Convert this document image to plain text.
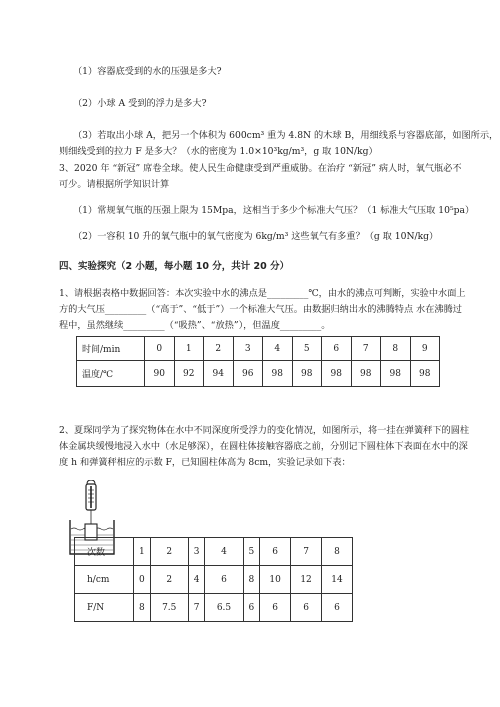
（1）容器底受到的水的压强是多大?
（2）小球 A 受到的浮力是多大?
（3）若取出小球 A，把另一个体积为 600cm³ 重为 4.8N 的木球 B，用细线系与容器底部，如图所示，
则细线受到的拉力 F 是多大？（水的密度为 1.0×10³kg/m³，g 取 10N/kg）
3、2020 年 “新冠” 席卷全球。使人民生命健康受到严重威胁。在治疗 “新冠” 病人时，氧气瓶必不
可少。请根据所学知识计算
（1）常规氧气瓶的压强上限为 15Mpa，这相当于多少个标准大气压？（1 标准大气压取 10⁵pa）
（2）一容积 10 升的氧气瓶中的氧气密度为 6kg/m³ 这些氧气有多重？（g 取 10N/kg）
四、实验探究（2 小题，每小题 10 分，共计 20 分）
1、请根据表格中数据回答：本次实验中水的沸点是_________℃，由水的沸点可判断，实验中水面上
方的大气压_________（“高于”、“低于”）一个标准大气压。由数据归纳出水的沸腾特点 水在沸腾过
程中，虽然继续_________（“吸热”、“放热”），但温度_________。
时间/min	0	1	2	3	4	5	6	7	8	9
温度/℃	90	92	94	96	98	98	98	98	98	98
2、夏琛同学为了探究物体在水中不同深度所受浮力的变化情况，如图所示，将一挂在弹簧秤下的圆柱
体金属块缓慢地浸入水中（水足够深），在圆柱体接触容器底之前，分别记下圆柱体下表面在水中的深
度 h 和弹簧秤相应的示数 F，已知圆柱体高为 8cm，实验记录如下表：
次数	1	2	3	4	5	6	7	8
h/cm	0	2	4	6	8	10	12	14
F/N	8	7.5	7	6.5	6	6	6	6
